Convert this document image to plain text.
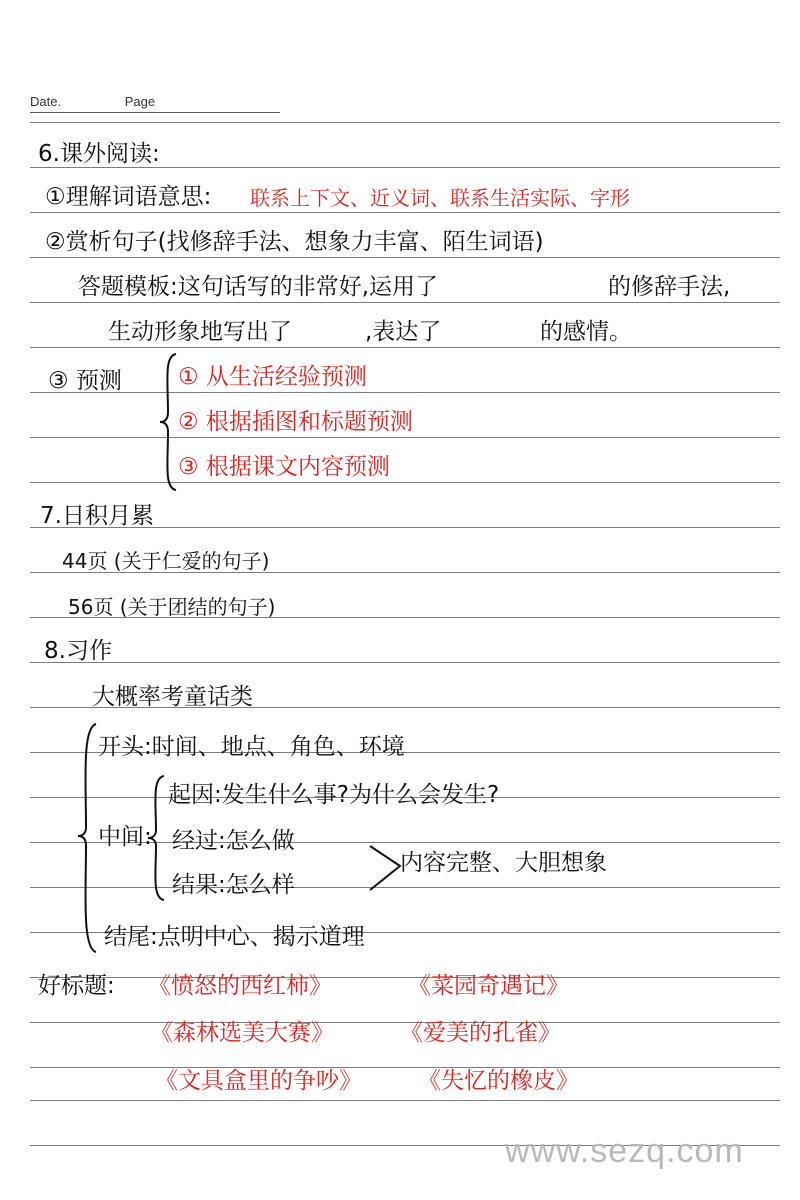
Date.	Page
6.课外阅读:
①理解词语意思: 联系上下文、近义词、联系生活实际、字形
②赏析句子(找修辞手法、想象力丰富、陌生词语)
答题模板:这句话写的非常好,运用了	的修辞手法,
生动形象地写出了	,表达了	的感情。
③ 预测 ① 从生活经验预测
② 根据插图和标题预测
③ 根据课文内容预测
7.日积月累
44页 (关于仁爱的句子)
56页 (关于团结的句子)
8.习作
大概率考童话类
开头:时间、地点、角色、环境
中间:
起因:发生什么事?为什么会发生?
经过:怎么做
结果:怎么样
内容完整、大胆想象
结尾:点明中心、揭示道理
好标题: 《愤怒的西红柿》	《菜园奇遇记》
《森林选美大赛》	《爱美的孔雀》
《文具盒里的争吵》 《失忆的橡皮》
www.sezq.com
